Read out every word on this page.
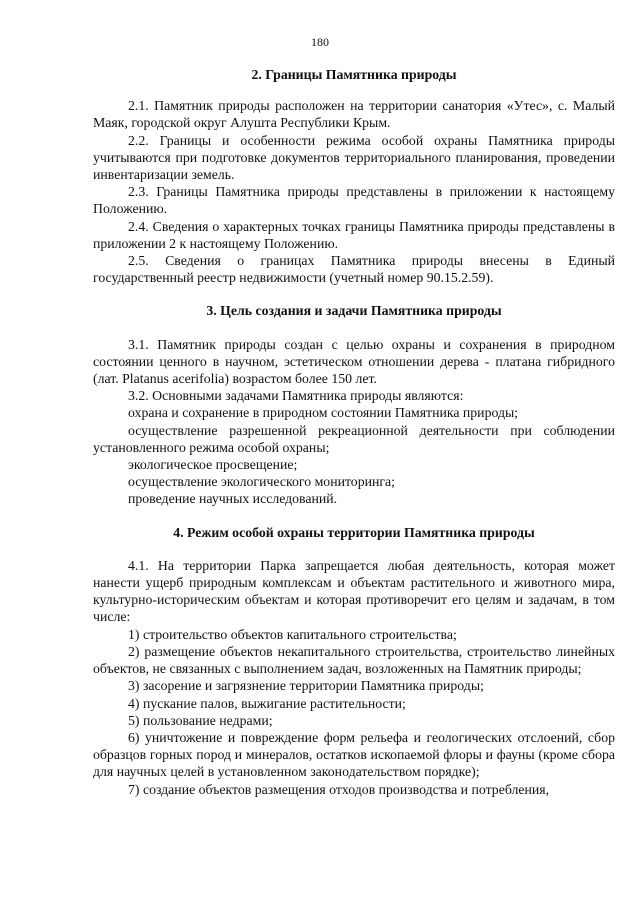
180
2. Границы Памятника природы

2.1. Памятник природы расположен на территории санатория «Утес», с. Малый Маяк, городской округ Алушта Республики Крым.

2.2. Границы и особенности режима особой охраны Памятника природы учитываются при подготовке документов территориального планирования, проведении инвентаризации земель.

2.3. Границы Памятника природы представлены в приложении к настоящему Положению.

2.4. Сведения о характерных точках границы Памятника природы представлены в приложении 2 к настоящему Положению.

2.5. Сведения о границах Памятника природы внесены в Единый государственный реестр недвижимости (учетный номер 90.15.2.59).

3. Цель создания и задачи Памятника природы

3.1. Памятник природы создан с целью охраны и сохранения в природном состоянии ценного в научном, эстетическом отношении дерева - платана гибридного (лат. Platanus acerifolia) возрастом более 150 лет.

3.2. Основными задачами Памятника природы являются:

охрана и сохранение в природном состоянии Памятника природы;

осуществление разрешенной рекреационной деятельности при соблюдении установленного режима особой охраны;

экологическое просвещение;

осуществление экологического мониторинга;

проведение научных исследований.

4. Режим особой охраны территории Памятника природы

4.1. На территории Парка запрещается любая деятельность, которая может нанести ущерб природным комплексам и объектам растительного и животного мира, культурно-историческим объектам и которая противоречит его целям и задачам, в том числе:

1) строительство объектов капитального строительства;

2) размещение объектов некапитального строительства, строительство линейных объектов, не связанных с выполнением задач, возложенных на Памятник природы;

3) засорение и загрязнение территории Памятника природы;

4) пускание палов, выжигание растительности;

5) пользование недрами;

6) уничтожение и повреждение форм рельефа и геологических отслоений, сбор образцов горных пород и минералов, остатков ископаемой флоры и фауны (кроме сбора для научных целей в установленном законодательством порядке);

7) создание объектов размещения отходов производства и потребления,
